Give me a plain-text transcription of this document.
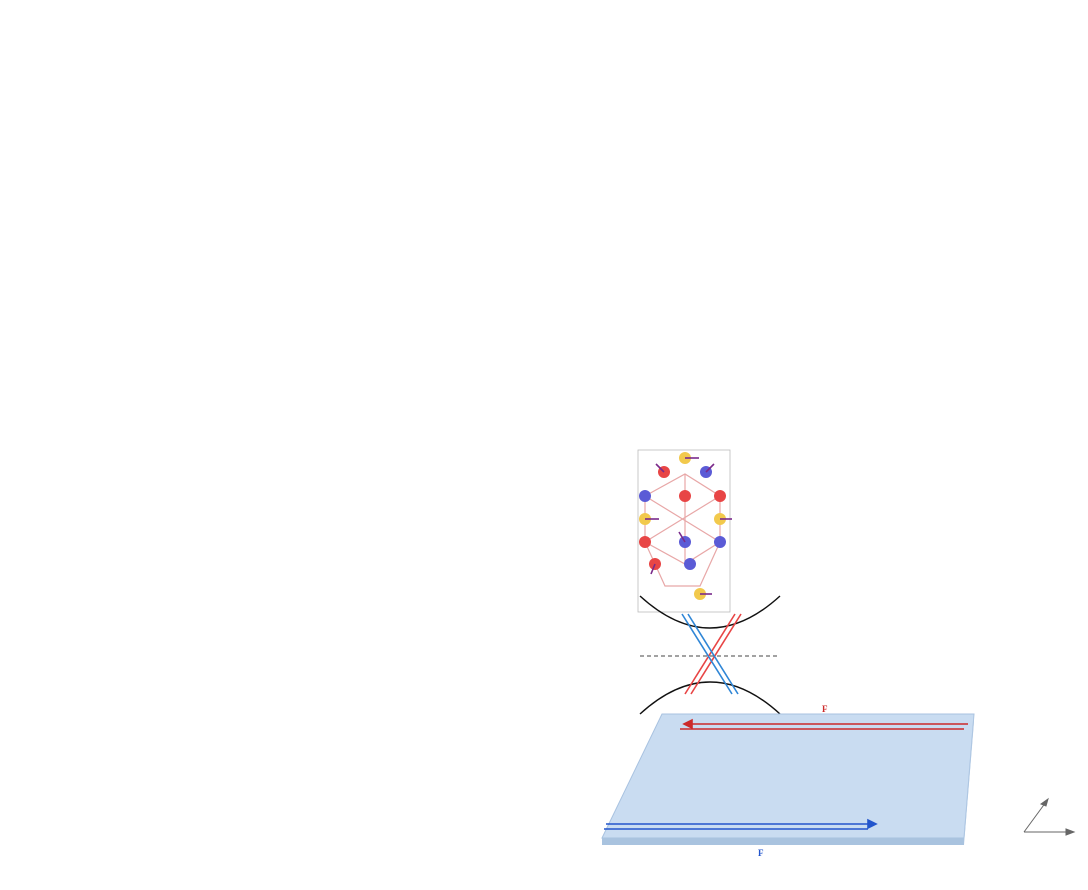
F
F
